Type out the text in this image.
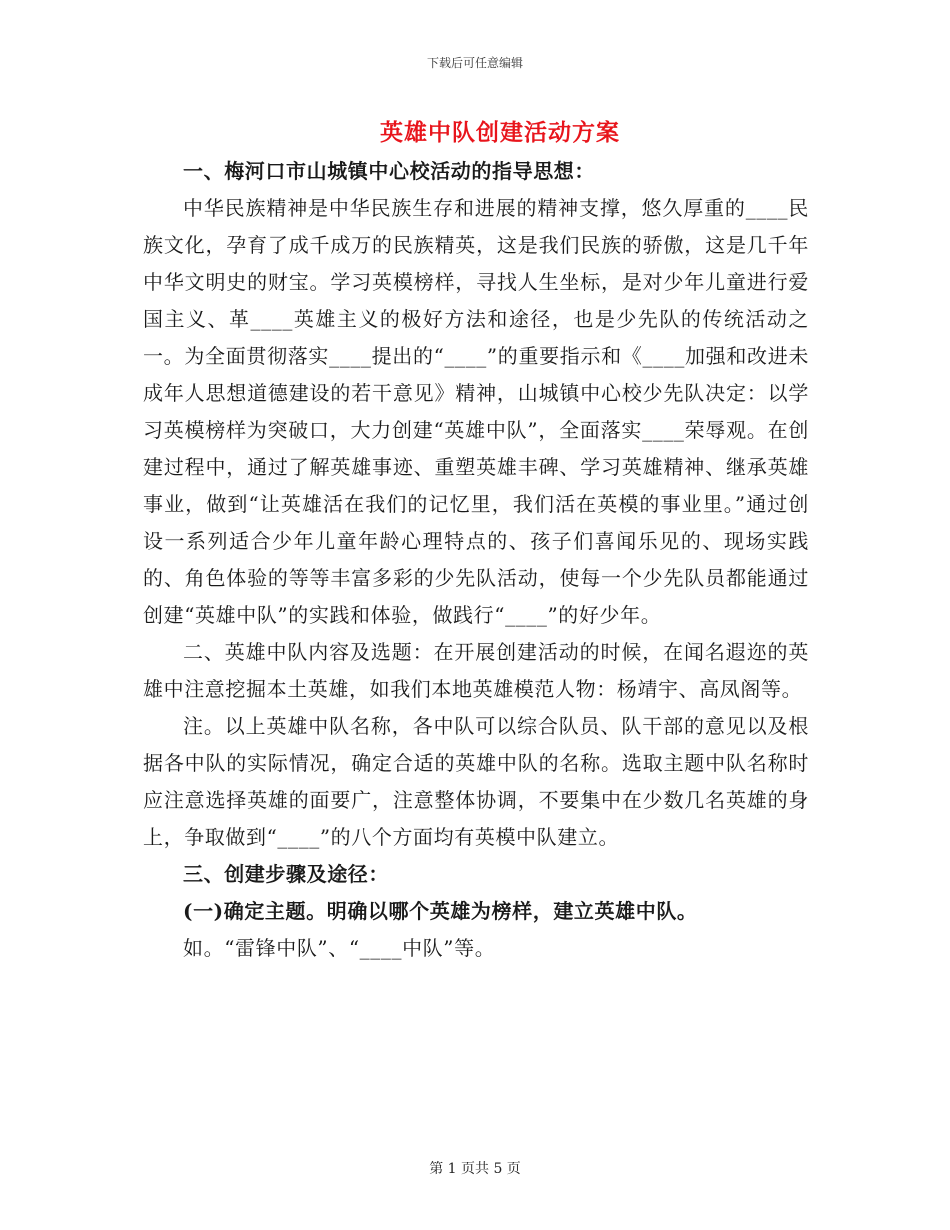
下载后可任意编辑
英雄中队创建活动方案

一、梅河口市山城镇中心校活动的指导思想：

中华民族精神是中华民族生存和进展的精神支撑，悠久厚重的____民族文化，孕育了成千成万的民族精英，这是我们民族的骄傲，这是几千年中华文明史的财宝。学习英模榜样，寻找人生坐标，是对少年儿童进行爱国主义、革____英雄主义的极好方法和途径，也是少先队的传统活动之一。为全面贯彻落实____提出的“____”的重要指示和《____加强和改进未成年人思想道德建设的若干意见》精神，山城镇中心校少先队决定：以学习英模榜样为突破口，大力创建“英雄中队”，全面落实____荣辱观。在创建过程中，通过了解英雄事迹、重塑英雄丰碑、学习英雄精神、继承英雄事业，做到“让英雄活在我们的记忆里，我们活在英模的事业里。”通过创设一系列适合少年儿童年龄心理特点的、孩子们喜闻乐见的、现场实践的、角色体验的等等丰富多彩的少先队活动，使每一个少先队员都能通过创建“英雄中队”的实践和体验，做践行“____”的好少年。

二、英雄中队内容及选题：在开展创建活动的时候，在闻名遐迩的英雄中注意挖掘本土英雄，如我们本地英雄模范人物：杨靖宇、高凤阁等。

注。以上英雄中队名称，各中队可以综合队员、队干部的意见以及根据各中队的实际情况，确定合适的英雄中队的名称。选取主题中队名称时应注意选择英雄的面要广，注意整体协调，不要集中在少数几名英雄的身上，争取做到“____”的八个方面均有英模中队建立。

三、创建步骤及途径：

(一)确定主题。明确以哪个英雄为榜样，建立英雄中队。

如。“雷锋中队”、“____中队”等。

第 1 页共 5 页
